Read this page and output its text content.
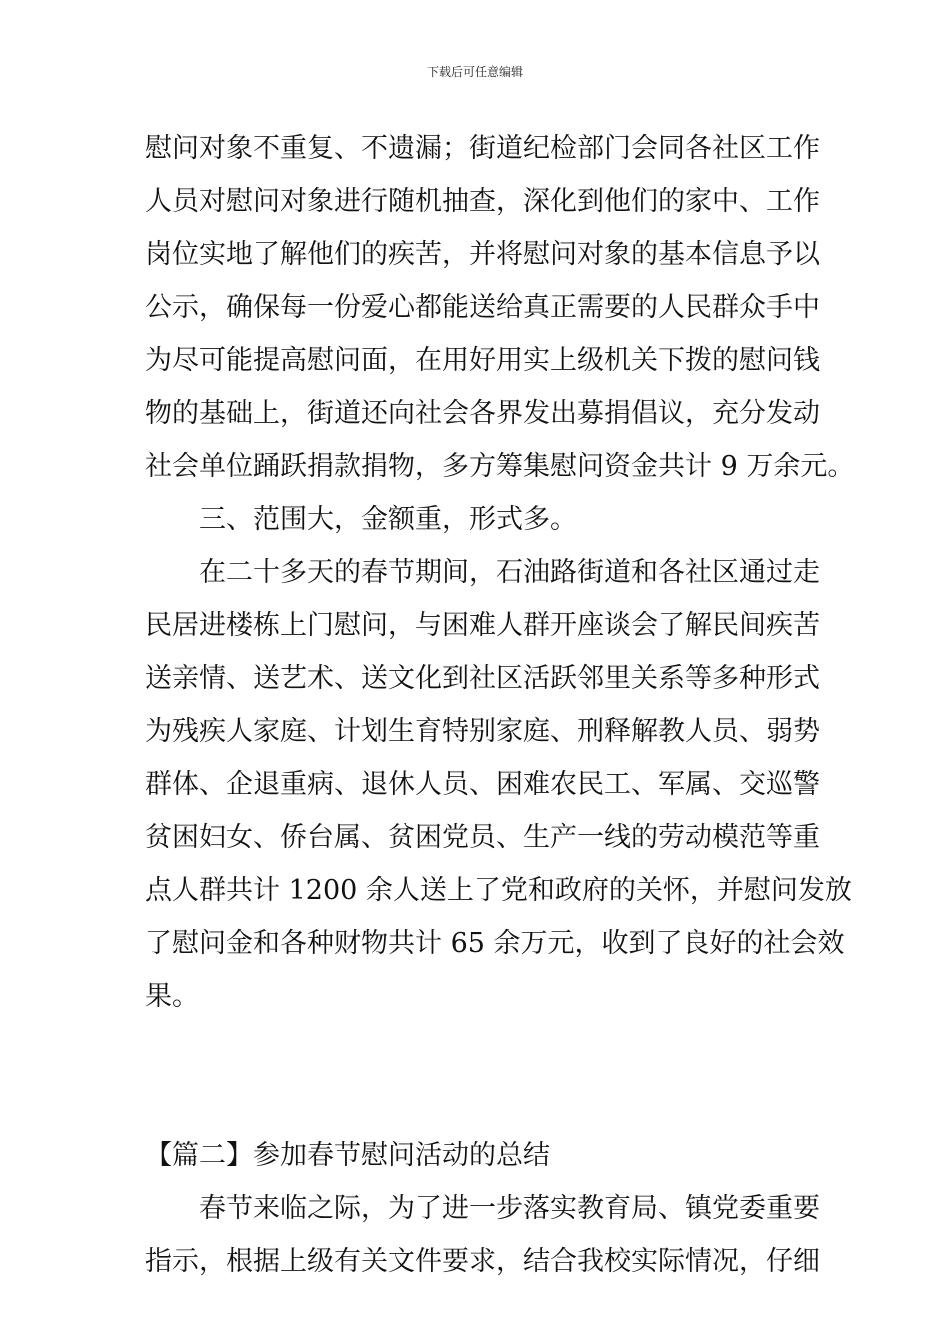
下载后可任意编辑
慰问对象不重复、不遗漏；街道纪检部门会同各社区工作
人员对慰问对象进行随机抽查，深化到他们的家中、工作
岗位实地了解他们的疾苦，并将慰问对象的基本信息予以
公示，确保每一份爱心都能送给真正需要的人民群众手中
为尽可能提高慰问面，在用好用实上级机关下拨的慰问钱
物的基础上，街道还向社会各界发出募捐倡议，充分发动
社会单位踊跃捐款捐物，多方筹集慰问资金共计 9 万余元。
三、范围大，金额重，形式多。
在二十多天的春节期间，石油路街道和各社区通过走
民居进楼栋上门慰问，与困难人群开座谈会了解民间疾苦
送亲情、送艺术、送文化到社区活跃邻里关系等多种形式
为残疾人家庭、计划生育特别家庭、刑释解教人员、弱势
群体、企退重病、退休人员、困难农民工、军属、交巡警
贫困妇女、侨台属、贫困党员、生产一线的劳动模范等重
点人群共计 1200 余人送上了党和政府的关怀，并慰问发放
了慰问金和各种财物共计 65 余万元，收到了良好的社会效
果。
【篇二】参加春节慰问活动的总结
春节来临之际，为了进一步落实教育局、镇党委重要
指示，根据上级有关文件要求，结合我校实际情况，仔细
